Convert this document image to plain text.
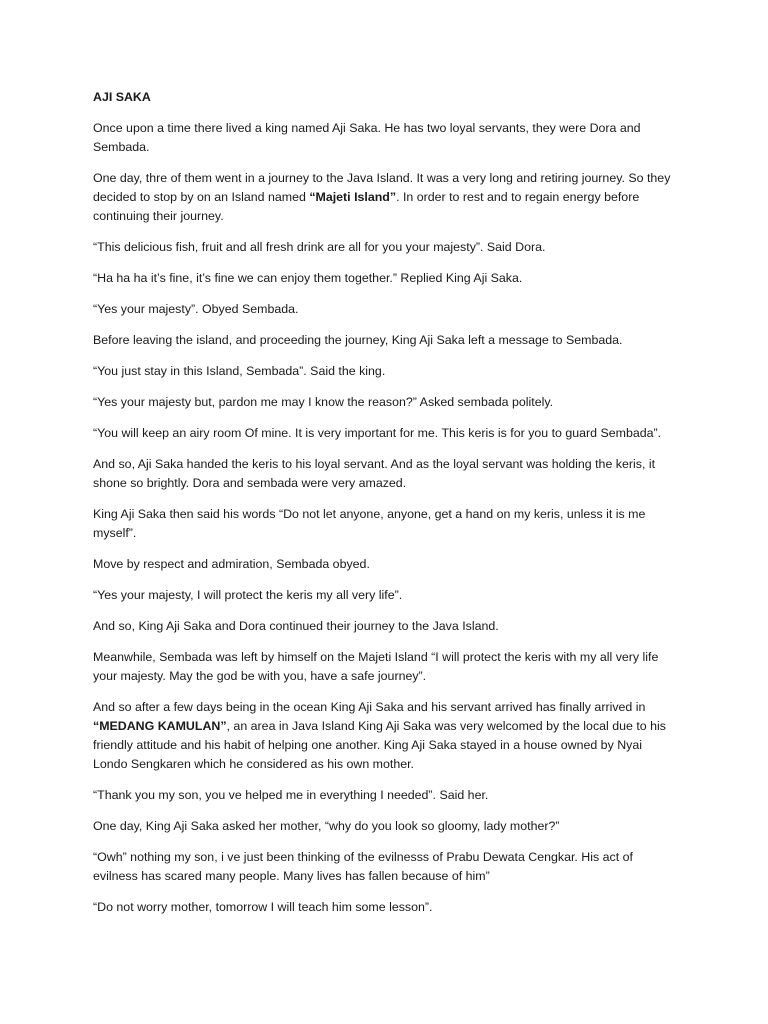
AJI SAKA

Once upon a time there lived a king named Aji Saka. He has two loyal servants, they were Dora and Sembada.

One day, thre of them went in a journey to the Java Island. It was a very long and retiring journey. So they decided to stop by on an Island named “Majeti Island”. In order to rest and to regain energy before continuing their journey.

“This delicious fish, fruit and all fresh drink are all for you your majesty”. Said Dora.

“Ha ha ha it’s fine, it’s fine we can enjoy them together.” Replied King Aji Saka.

“Yes your majesty”. Obyed Sembada.

Before leaving the island, and proceeding the journey, King Aji Saka left a message to Sembada.

“You just stay in this Island, Sembada”. Said the king.

“Yes your majesty but, pardon me may I know the reason?” Asked sembada politely.

“You will keep an airy room Of mine. It is very important for me. This keris is for you to guard Sembada”.

And so, Aji Saka handed the keris to his loyal servant. And as the loyal servant was holding the keris, it shone so brightly. Dora and sembada were very amazed.

King Aji Saka then said his words “Do not let anyone, anyone, get a hand on my keris, unless it is me myself”.

Move by respect and admiration, Sembada obyed.

“Yes your majesty, I will protect the keris my all very life”.

And so, King Aji Saka and Dora continued their journey to the Java Island.

Meanwhile, Sembada was left by himself on the Majeti Island “I will protect the keris with my all very life your majesty. May the god be with you, have a safe journey”.

And so after a few days being in the ocean King Aji Saka and his servant arrived has finally arrived in “MEDANG KAMULAN”, an area in Java Island King Aji Saka was very welcomed by the local due to his friendly attitude and his habit of helping one another. King Aji Saka stayed in a house owned by Nyai Londo Sengkaren which he considered as his own mother.

“Thank you my son, you ve helped me in everything I needed”. Said her.

One day, King Aji Saka asked her mother, “why do you look so gloomy, lady mother?”

“Owh” nothing my son, i ve just been thinking of the evilnesss of Prabu Dewata Cengkar. His act of evilness has scared many people. Many lives has fallen because of him”

“Do not worry mother, tomorrow I will teach him some lesson”.
